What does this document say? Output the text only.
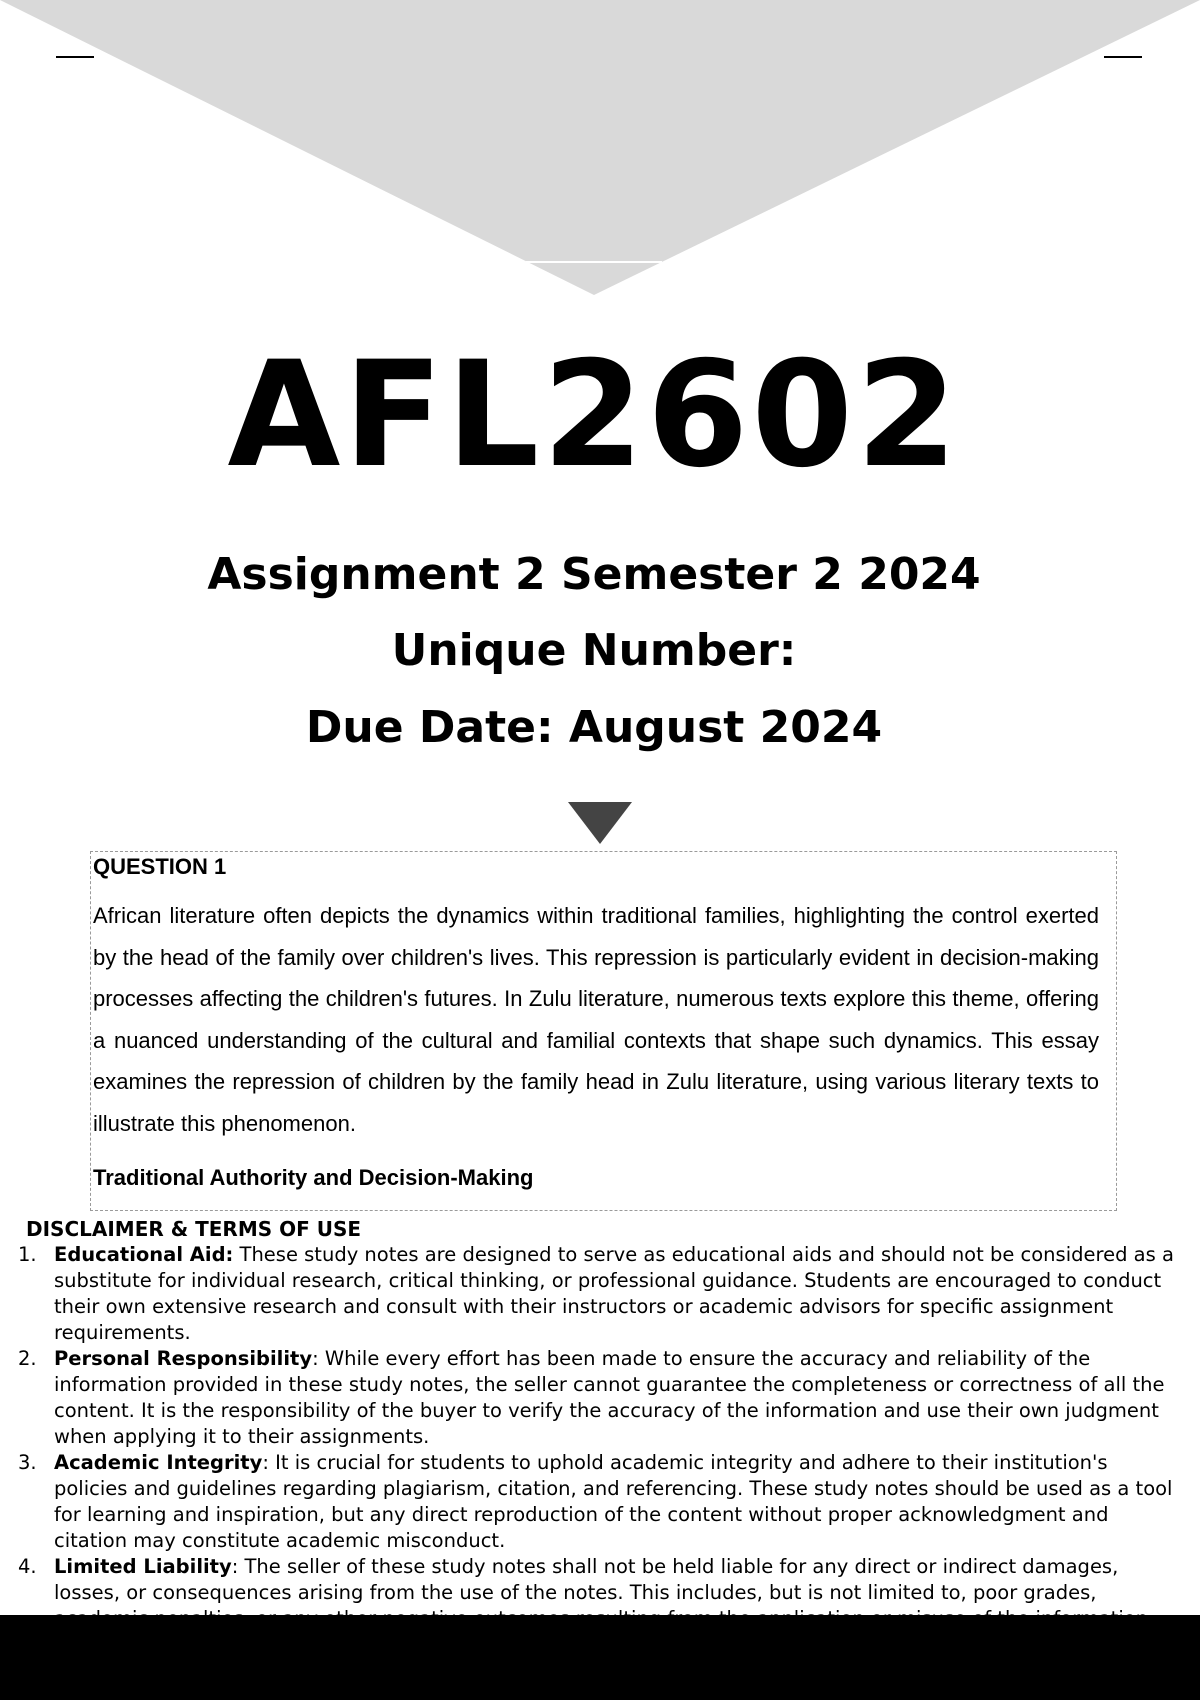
AFL2602
Assignment 2 Semester 2 2024
Unique Number:
Due Date: August 2024
QUESTION 1

African literature often depicts the dynamics within traditional families, highlighting the control exerted by the head of the family over children's lives. This repression is particularly evident in decision-making processes affecting the children's futures. In Zulu literature, numerous texts explore this theme, offering a nuanced understanding of the cultural and familial contexts that shape such dynamics. This essay examines the repression of children by the family head in Zulu literature, using various literary texts to illustrate this phenomenon.

Traditional Authority and Decision-Making
DISCLAIMER & TERMS OF USE
1. Educational Aid: These study notes are designed to serve as educational aids and should not be considered as a substitute for individual research, critical thinking, or professional guidance. Students are encouraged to conduct their own extensive research and consult with their instructors or academic advisors for specific assignment requirements.
2. Personal Responsibility: While every effort has been made to ensure the accuracy and reliability of the information provided in these study notes, the seller cannot guarantee the completeness or correctness of all the content. It is the responsibility of the buyer to verify the accuracy of the information and use their own judgment when applying it to their assignments.
3. Academic Integrity: It is crucial for students to uphold academic integrity and adhere to their institution's policies and guidelines regarding plagiarism, citation, and referencing. These study notes should be used as a tool for learning and inspiration, but any direct reproduction of the content without proper acknowledgment and citation may constitute academic misconduct.
4. Limited Liability: The seller of these study notes shall not be held liable for any direct or indirect damages, losses, or consequences arising from the use of the notes. This includes, but is not limited to, poor grades,
